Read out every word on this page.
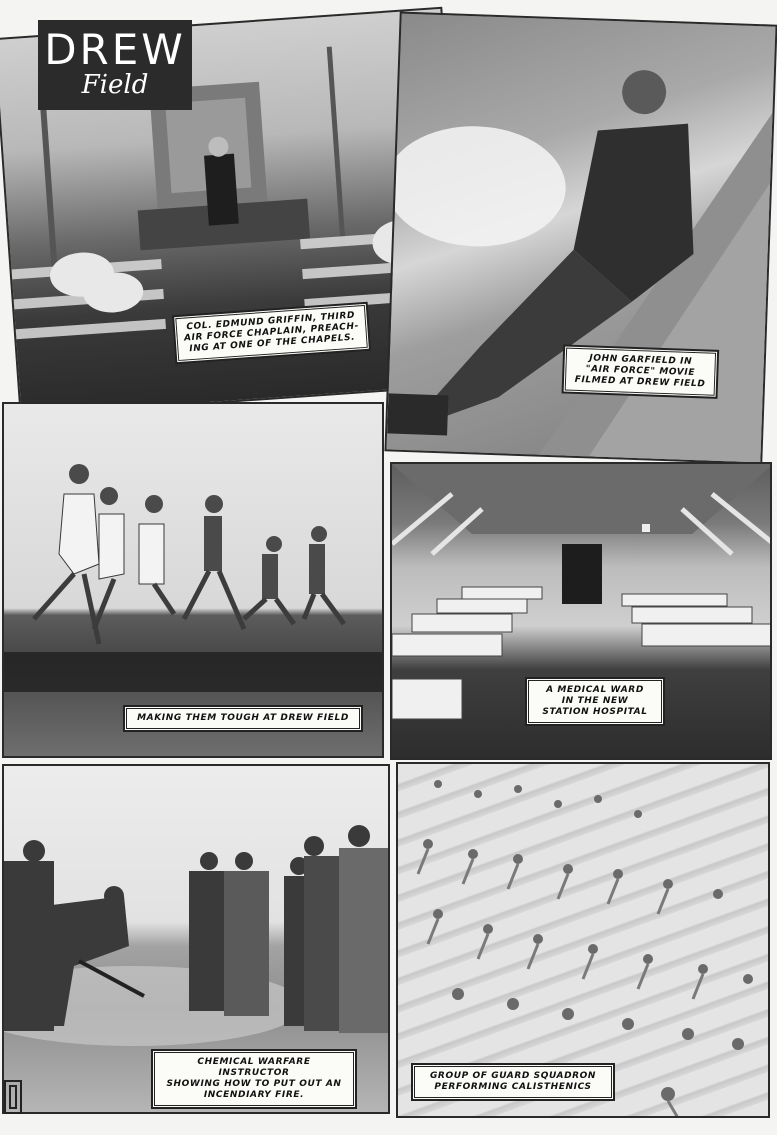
COL. EDMUND GRIFFIN, THIRD
AIR FORCE CHAPLAIN, PREACH-
ING AT ONE OF THE CHAPELS.
DREW
Field
JOHN GARFIELD IN
"AIR FORCE" MOVIE
FILMED AT DREW FIELD
MAKING THEM TOUGH AT DREW FIELD
A MEDICAL WARD
IN THE NEW
STATION HOSPITAL
CHEMICAL WARFARE INSTRUCTOR
SHOWING HOW TO PUT OUT AN
INCENDIARY FIRE.
GROUP OF GUARD SQUADRON
PERFORMING CALISTHENICS
